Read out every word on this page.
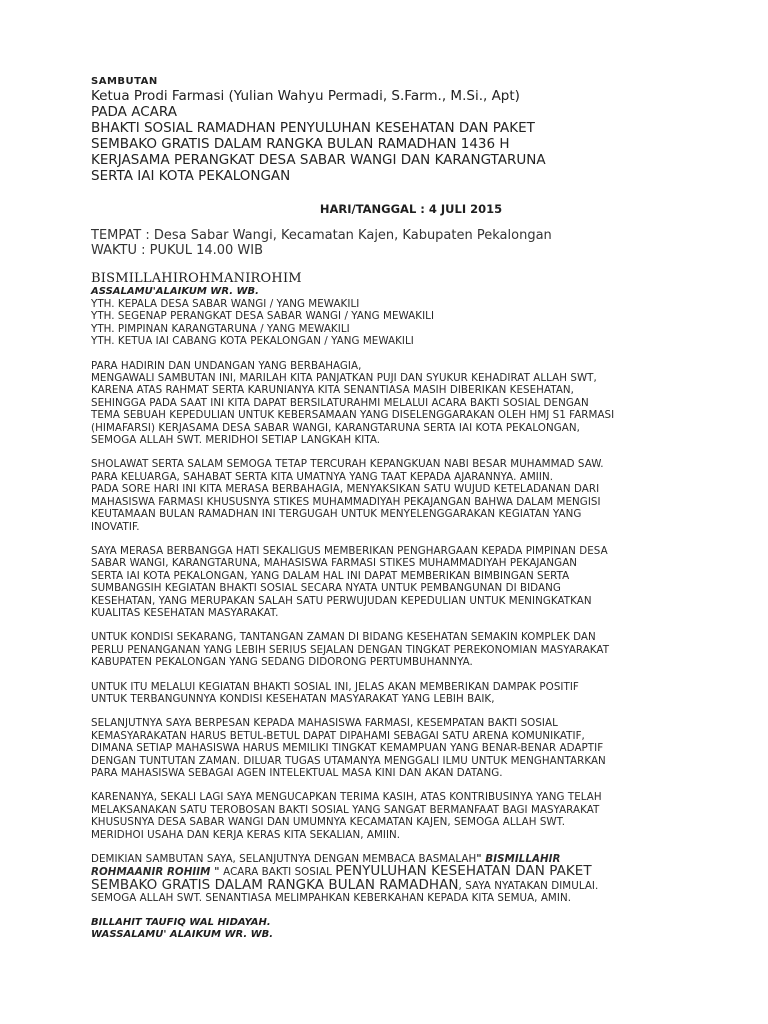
SAMBUTAN
Ketua Prodi Farmasi (Yulian Wahyu Permadi, S.Farm., M.Si., Apt)
PADA ACARA
BHAKTI SOSIAL RAMADHAN PENYULUHAN KESEHATAN DAN PAKET
SEMBAKO GRATIS DALAM RANGKA BULAN RAMADHAN 1436 H
KERJASAMA PERANGKAT DESA SABAR WANGI DAN KARANGTARUNA
SERTA IAI KOTA PEKALONGAN
HARI/TANGGAL : 4 JULI 2015
TEMPAT : Desa Sabar Wangi, Kecamatan Kajen, Kabupaten Pekalongan
WAKTU : PUKUL 14.00 WIB
BISMILLAHIROHMANIROHIM
ASSALAMU'ALAIKUM WR. WB.
YTH. KEPALA DESA SABAR WANGI / YANG MEWAKILI
YTH. SEGENAP PERANGKAT DESA SABAR WANGI / YANG MEWAKILI
YTH. PIMPINAN KARANGTARUNA / YANG MEWAKILI
YTH. KETUA IAI CABANG KOTA PEKALONGAN / YANG MEWAKILI
PARA HADIRIN DAN UNDANGAN YANG BERBAHAGIA,
MENGAWALI SAMBUTAN INI, MARILAH KITA PANJATKAN PUJI DAN SYUKUR KEHADIRAT ALLAH SWT,
KARENA ATAS RAHMAT SERTA KARUNIANYA KITA SENANTIASA MASIH DIBERIKAN KESEHATAN,
SEHINGGA PADA SAAT INI KITA DAPAT BERSILATURAHMI MELALUI ACARA BAKTI SOSIAL DENGAN
TEMA SEBUAH KEPEDULIAN UNTUK KEBERSAMAAN YANG DISELENGGARAKAN OLEH HMJ S1 FARMASI
(HIMAFARSI) KERJASAMA DESA SABAR WANGI, KARANGTARUNA SERTA IAI KOTA PEKALONGAN,
SEMOGA ALLAH SWT. MERIDHOI SETIAP LANGKAH KITA.
SHOLAWAT SERTA SALAM SEMOGA TETAP TERCURAH KEPANGKUAN NABI BESAR MUHAMMAD SAW.
PARA KELUARGA, SAHABAT SERTA KITA UMATNYA YANG TAAT KEPADA AJARANNYA. AMIIN.
PADA SORE HARI INI KITA MERASA BERBAHAGIA, MENYAKSIKAN SATU WUJUD KETELADANAN DARI
MAHASISWA FARMASI KHUSUSNYA STIKES MUHAMMADIYAH PEKAJANGAN BAHWA DALAM MENGISI
KEUTAMAAN BULAN RAMADHAN INI TERGUGAH UNTUK MENYELENGGARAKAN KEGIATAN YANG
INOVATIF.
SAYA MERASA BERBANGGA HATI SEKALIGUS MEMBERIKAN PENGHARGAAN KEPADA PIMPINAN DESA
SABAR WANGI, KARANGTARUNA, MAHASISWA FARMASI STIKES MUHAMMADIYAH PEKAJANGAN
SERTA IAI KOTA PEKALONGAN, YANG DALAM HAL INI DAPAT MEMBERIKAN BIMBINGAN SERTA
SUMBANGSIH KEGIATAN BHAKTI SOSIAL SECARA NYATA UNTUK PEMBANGUNAN DI BIDANG
KESEHATAN, YANG MERUPAKAN SALAH SATU PERWUJUDAN KEPEDULIAN UNTUK MENINGKATKAN
KUALITAS KESEHATAN MASYARAKAT.
UNTUK KONDISI SEKARANG, TANTANGAN ZAMAN DI BIDANG KESEHATAN SEMAKIN KOMPLEK DAN
PERLU PENANGANAN YANG LEBIH SERIUS SEJALAN DENGAN TINGKAT PEREKONOMIAN MASYARAKAT
KABUPATEN PEKALONGAN YANG SEDANG DIDORONG PERTUMBUHANNYA.
UNTUK ITU MELALUI KEGIATAN BHAKTI SOSIAL INI, JELAS AKAN MEMBERIKAN DAMPAK POSITIF
UNTUK TERBANGUNNYA KONDISI KESEHATAN MASYARAKAT YANG LEBIH BAIK,
SELANJUTNYA SAYA BERPESAN KEPADA MAHASISWA FARMASI, KESEMPATAN BAKTI SOSIAL
KEMASYARAKATAN HARUS BETUL-BETUL DAPAT DIPAHAMI SEBAGAI SATU ARENA KOMUNIKATIF,
DIMANA SETIAP MAHASISWA HARUS MEMILIKI TINGKAT KEMAMPUAN YANG BENAR-BENAR ADAPTIF
DENGAN TUNTUTAN ZAMAN. DILUAR TUGAS UTAMANYA MENGGALI ILMU UNTUK MENGHANTARKAN
PARA MAHASISWA SEBAGAI AGEN INTELEKTUAL MASA KINI DAN AKAN DATANG.
KARENANYA, SEKALI LAGI SAYA MENGUCAPKAN TERIMA KASIH, ATAS KONTRIBUSINYA YANG TELAH
MELAKSANAKAN SATU TEROBOSAN BAKTI SOSIAL YANG SANGAT BERMANFAAT BAGI MASYARAKAT
KHUSUSNYA DESA SABAR WANGI DAN UMUMNYA KECAMATAN KAJEN, SEMOGA ALLAH SWT.
MERIDHOI USAHA DAN KERJA KERAS KITA SEKALIAN, AMIIN.
DEMIKIAN SAMBUTAN SAYA, SELANJUTNYA DENGAN MEMBACA BASMALAH" BISMILLAHIR
ROHMAANIR ROHIIM " ACARA BAKTI SOSIAL PENYULUHAN KESEHATAN DAN PAKET
SEMBAKO GRATIS DALAM RANGKA BULAN RAMADHAN, SAYA NYATAKAN DIMULAI.
SEMOGA ALLAH SWT. SENANTIASA MELIMPAHKAN KEBERKAHAN KEPADA KITA SEMUA, AMIN.
BILLAHIT TAUFIQ WAL HIDAYAH.
WASSALAMU' ALAIKUM WR. WB.
